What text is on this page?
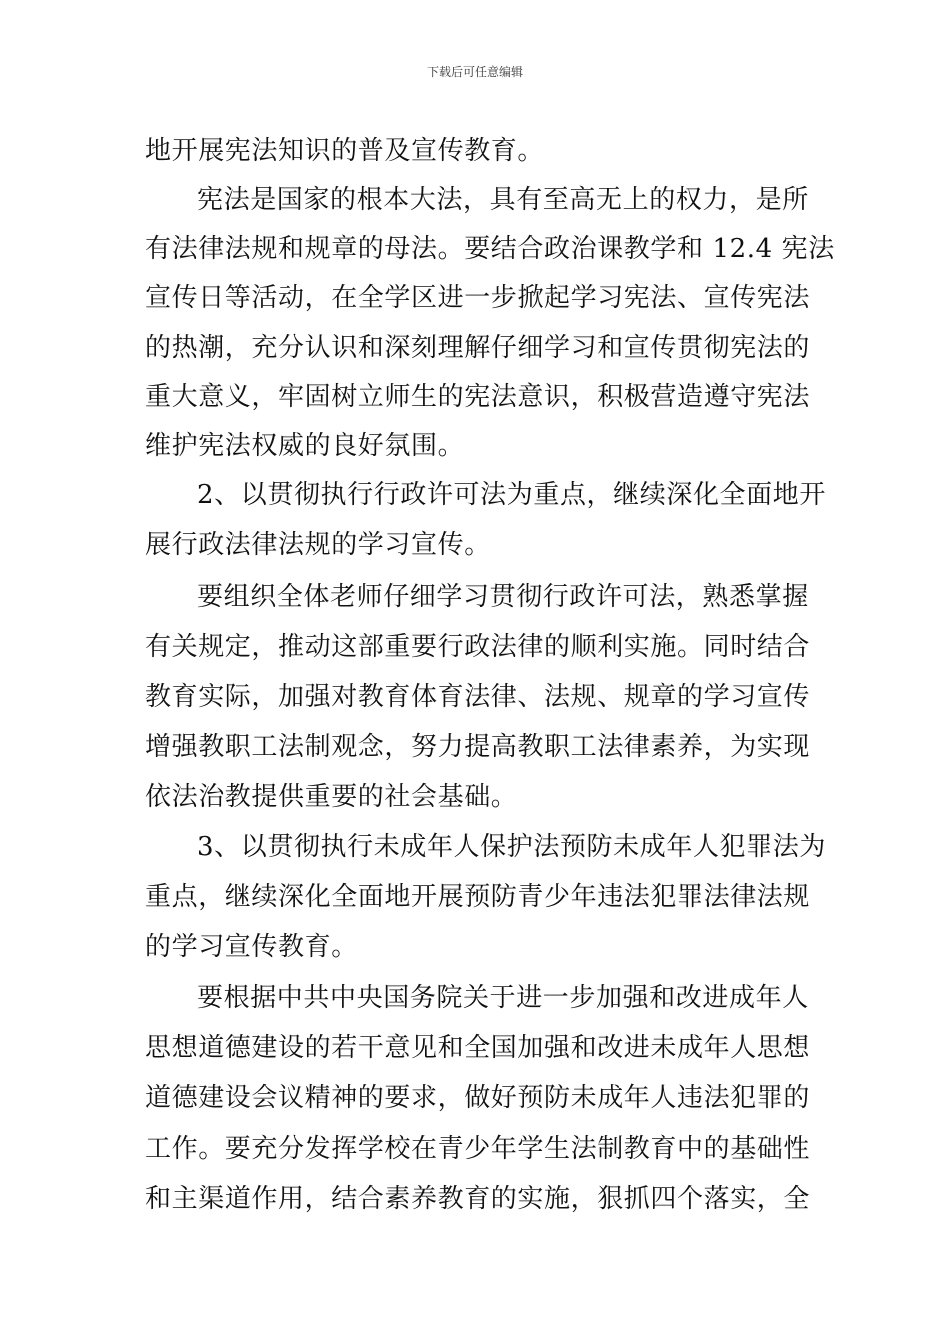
下载后可任意编辑
地开展宪法知识的普及宣传教育。
宪法是国家的根本大法，具有至高无上的权力，是所
有法律法规和规章的母法。要结合政治课教学和 12.4 宪法
宣传日等活动，在全学区进一步掀起学习宪法、宣传宪法
的热潮，充分认识和深刻理解仔细学习和宣传贯彻宪法的
重大意义，牢固树立师生的宪法意识，积极营造遵守宪法
维护宪法权威的良好氛围。
2、以贯彻执行行政许可法为重点，继续深化全面地开
展行政法律法规的学习宣传。
要组织全体老师仔细学习贯彻行政许可法，熟悉掌握
有关规定，推动这部重要行政法律的顺利实施。同时结合
教育实际，加强对教育体育法律、法规、规章的学习宣传
增强教职工法制观念，努力提高教职工法律素养，为实现
依法治教提供重要的社会基础。
3、以贯彻执行未成年人保护法预防未成年人犯罪法为
重点，继续深化全面地开展预防青少年违法犯罪法律法规
的学习宣传教育。
要根据中共中央国务院关于进一步加强和改进成年人
思想道德建设的若干意见和全国加强和改进未成年人思想
道德建设会议精神的要求，做好预防未成年人违法犯罪的
工作。要充分发挥学校在青少年学生法制教育中的基础性
和主渠道作用，结合素养教育的实施，狠抓四个落实，全
